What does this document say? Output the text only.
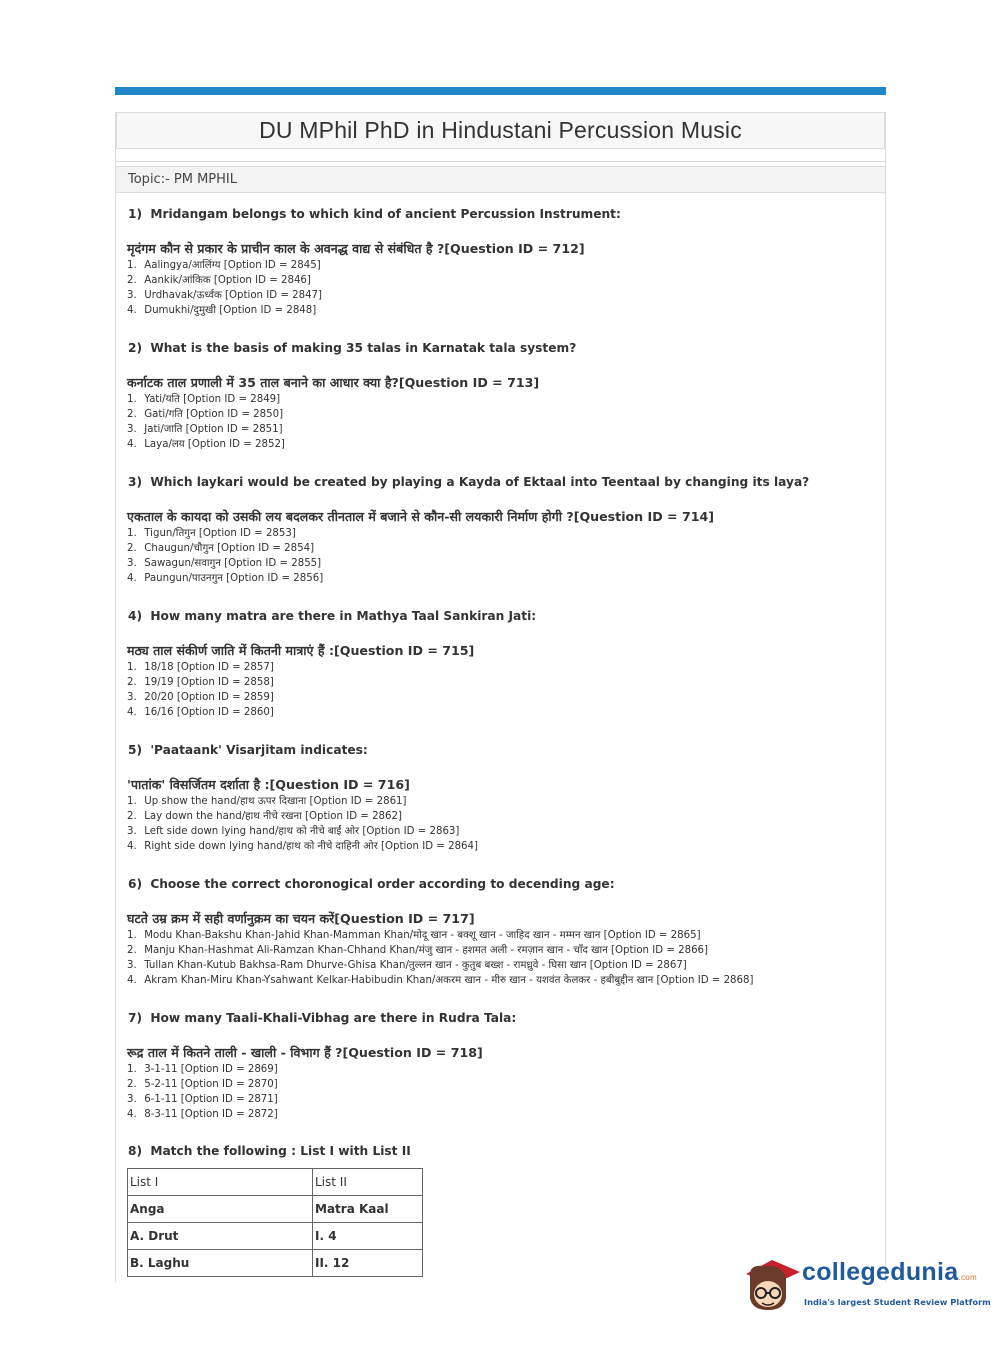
DU MPhil PhD in Hindustani Percussion Music
Topic:- PM MPHIL
1) Mridangam belongs to which kind of ancient Percussion Instrument:
मृदंगम कौन से प्रकार के प्राचीन काल के अवनद्ध वाद्य से संबंधित है ?[Question ID = 712]
1. Aalingya/आलिंग्य [Option ID = 2845]
2. Aankik/आंकिक [Option ID = 2846]
3. Urdhavak/ऊर्ध्वक [Option ID = 2847]
4. Dumukhi/दुमुखी [Option ID = 2848]
2) What is the basis of making 35 talas in Karnatak tala system?
कर्नाटक ताल प्रणाली में 35 ताल बनाने का आधार क्या है?[Question ID = 713]
1. Yati/यति [Option ID = 2849]
2. Gati/गति [Option ID = 2850]
3. Jati/जाति [Option ID = 2851]
4. Laya/लय [Option ID = 2852]
3) Which laykari would be created by playing a Kayda of Ektaal into Teentaal by changing its laya?
एकताल के कायदा को उसकी लय बदलकर तीनताल में बजाने से कौन-सी लयकारी निर्माण होगी ?[Question ID = 714]
1. Tigun/तिगुन [Option ID = 2853]
2. Chaugun/चौगुन [Option ID = 2854]
3. Sawagun/सवागुन [Option ID = 2855]
4. Paungun/पाउनगुन [Option ID = 2856]
4) How many matra are there in Mathya Taal Sankiran Jati:
मठ्य ताल संकीर्ण जाति में कितनी मात्राएं हैं :[Question ID = 715]
1. 18/18 [Option ID = 2857]
2. 19/19 [Option ID = 2858]
3. 20/20 [Option ID = 2859]
4. 16/16 [Option ID = 2860]
5) 'Paataank' Visarjitam indicates:
'पातांक' विसर्जितम दर्शाता है :[Question ID = 716]
1. Up show the hand/हाथ ऊपर दिखाना [Option ID = 2861]
2. Lay down the hand/हाथ नीचे रखना [Option ID = 2862]
3. Left side down lying hand/हाथ को नीचे बाईं ओर [Option ID = 2863]
4. Right side down lying hand/हाथ को नीचे दाहिनी ओर [Option ID = 2864]
6) Choose the correct choronogical order according to decending age:
घटते उम्र क्रम में सही वर्णानुक्रम का चयन करें[Question ID = 717]
1. Modu Khan-Bakshu Khan-Jahid Khan-Mamman Khan/मोदू खान - बक्शू खान - जाहिद खान - मम्मन खान [Option ID = 2865]
2. Manju Khan-Hashmat Ali-Ramzan Khan-Chhand Khan/मंजु खान - हशमत अली - रमज़ान खान - चाँद खान [Option ID = 2866]
3. Tullan Khan-Kutub Bakhsa-Ram Dhurve-Ghisa Khan/तुल्लन खान - कुतुब बख्श - रामध्रुवे - घिसा खान [Option ID = 2867]
4. Akram Khan-Miru Khan-Ysahwant Kelkar-Habibudin Khan/अकरम खान - मीरु खान - यशवंत केलकर - हबीबुद्दीन खान [Option ID = 2868]
7) How many Taali-Khali-Vibhag are there in Rudra Tala:
रूद्र ताल में कितने ताली - खाली - विभाग हैं ?[Question ID = 718]
1. 3-1-11 [Option ID = 2869]
2. 5-2-11 [Option ID = 2870]
3. 6-1-11 [Option ID = 2871]
4. 8-3-11 [Option ID = 2872]
8) Match the following : List I with List II
List I	List II
Anga	Matra Kaal
A. Drut	I. 4
B. Laghu	II. 12	collegedunia.com
India's largest Student Review Platform
